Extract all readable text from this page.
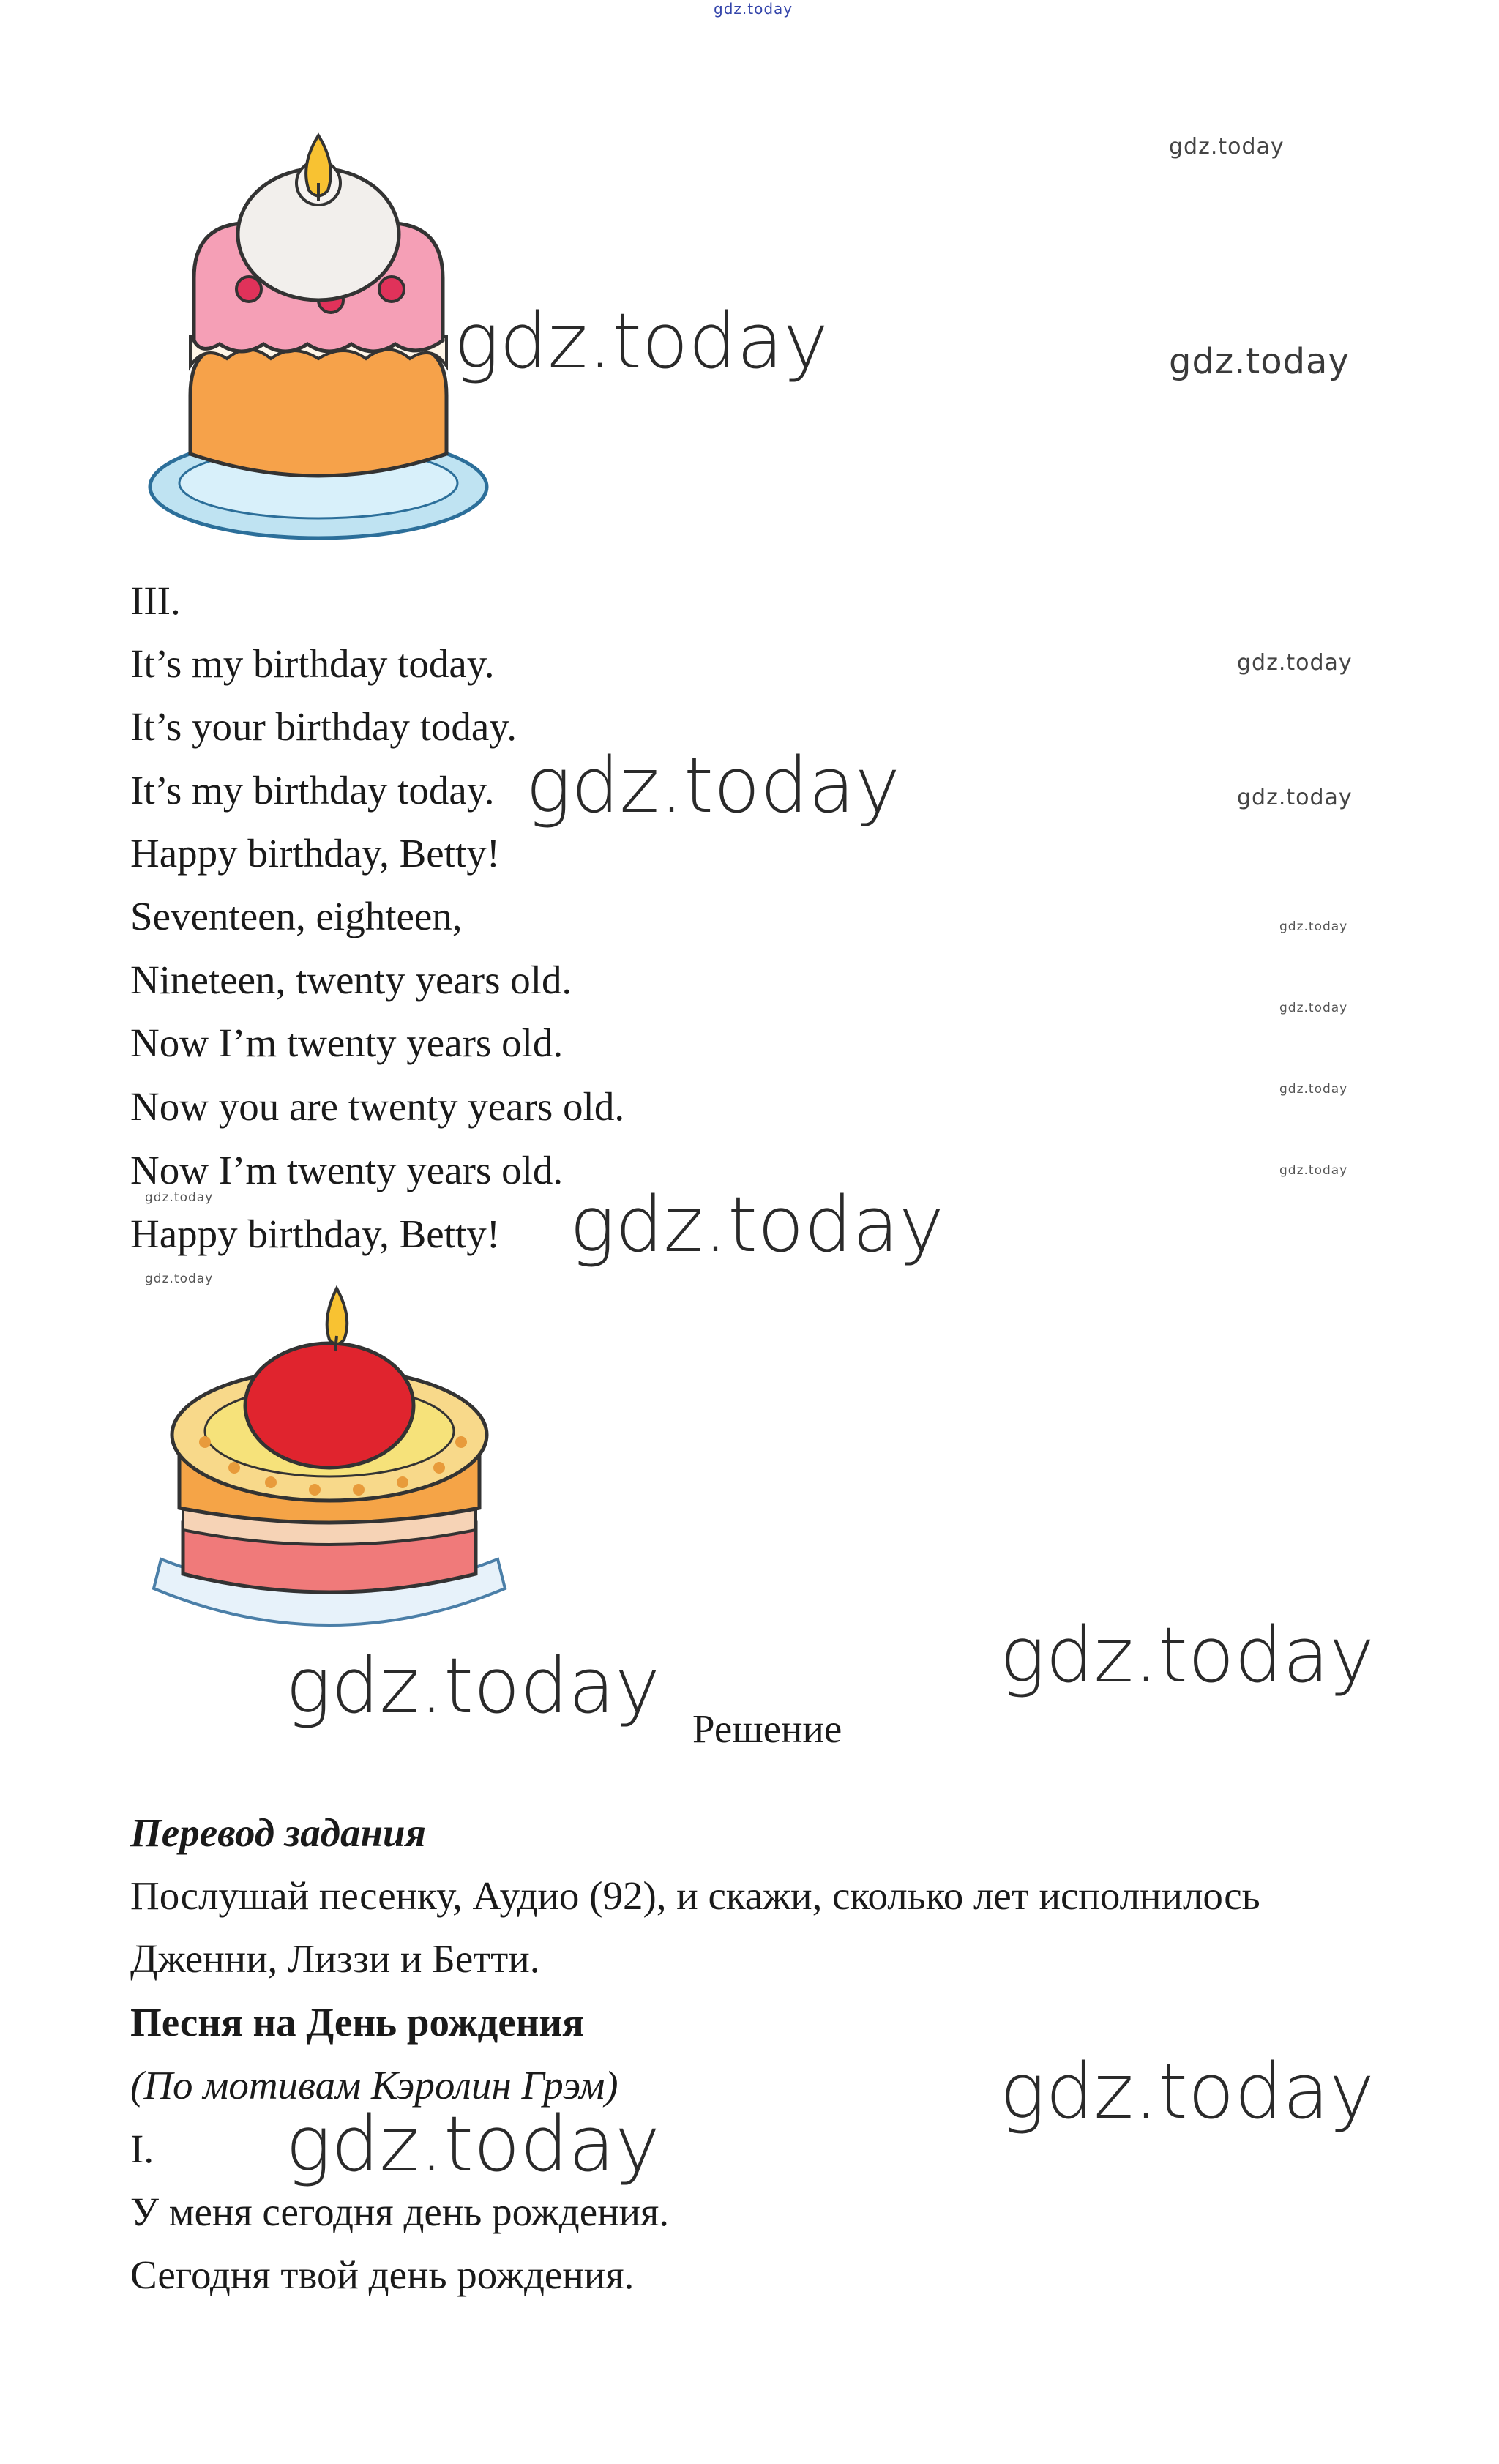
gdz.today
gdz.today
gdz.today
gdz.today
III.
It’s my birthday today.
It’s your birthday today.
It’s my birthday today.
Happy birthday, Betty!
Seventeen, eighteen,
Nineteen, twenty years old.
Now I’m twenty years old.
Now you are twenty years old.
Now I’m twenty years old.
Happy birthday, Betty!
gdz.today
gdz.today
gdz.today
gdz.today
gdz.today
gdz.today
gdz.today
gdz.today
gdz.today
gdz.today
gdz.today	gdz.today
Решение
Перевод задания
Послушай песенку, Аудио (92), и скажи, сколько лет исполнилось
Дженни, Лиззи и Бетти.
Песня на День рождения
(По мотивам Кэролин Грэм)
I.
У меня сегодня день рождения.
Сегодня твой день рождения.
gdz.today
gdz.today
